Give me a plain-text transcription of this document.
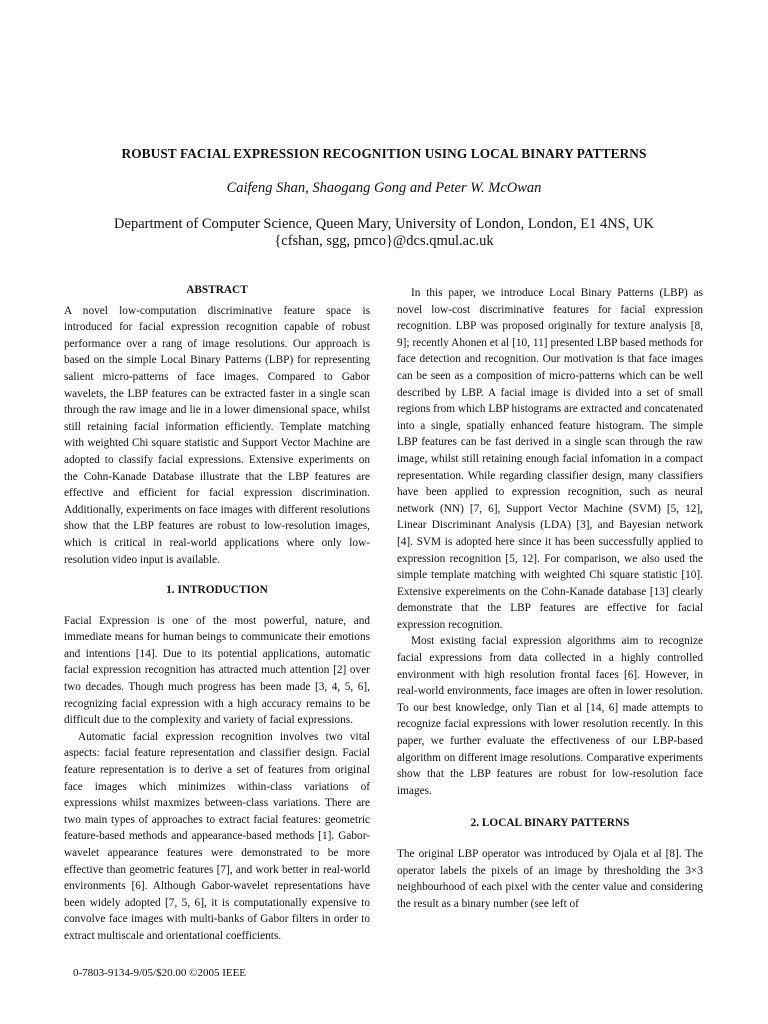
ROBUST FACIAL EXPRESSION RECOGNITION USING LOCAL BINARY PATTERNS
Caifeng Shan, Shaogang Gong and Peter W. McOwan
Department of Computer Science, Queen Mary, University of London, London, E1 4NS, UK
{cfshan, sgg, pmco}@dcs.qmul.ac.uk
ABSTRACT

A novel low-computation discriminative feature space is introduced for facial expression recognition capable of robust performance over a rang of image resolutions. Our approach is based on the simple Local Binary Patterns (LBP) for representing salient micro-patterns of face images. Compared to Gabor wavelets, the LBP features can be extracted faster in a single scan through the raw image and lie in a lower dimensional space, whilst still retaining facial information efficiently. Template matching with weighted Chi square statistic and Support Vector Machine are adopted to classify facial expressions. Extensive experiments on the Cohn-Kanade Database illustrate that the LBP features are effective and efficient for facial expression discrimination. Additionally, experiments on face images with different resolutions show that the LBP features are robust to low-resolution images, which is critical in real-world applications where only low-resolution video input is available.

1. INTRODUCTION

Facial Expression is one of the most powerful, nature, and immediate means for human beings to communicate their emotions and intentions [14]. Due to its potential applications, automatic facial expression recognition has attracted much attention [2] over two decades. Though much progress has been made [3, 4, 5, 6], recognizing facial expression with a high accuracy remains to be difficult due to the complexity and variety of facial expressions.

Automatic facial expression recognition involves two vital aspects: facial feature representation and classifier design. Facial feature representation is to derive a set of features from original face images which minimizes within-class variations of expressions whilst maxmizes between-class variations. There are two main types of approaches to extract facial features: geometric feature-based methods and appearance-based methods [1]. Gabor-wavelet appearance features were demonstrated to be more effective than geometric features [7], and work better in real-world environments [6]. Although Gabor-wavelet representations have been widely adopted [7, 5, 6], it is computationally expensive to convolve face images with multi-banks of Gabor filters in order to extract multiscale and orientational coefficients.

In this paper, we introduce Local Binary Patterns (LBP) as novel low-cost discriminative features for facial expression recognition. LBP was proposed originally for texture analysis [8, 9]; recently Ahonen et al [10, 11] presented LBP based methods for face detection and recognition. Our motivation is that face images can be seen as a composition of micro-patterns which can be well described by LBP. A facial image is divided into a set of small regions from which LBP histograms are extracted and concatenated into a single, spatially enhanced feature histogram. The simple LBP features can be fast derived in a single scan through the raw image, whilst still retaining enough facial infomation in a compact representation. While regarding classifier design, many classifiers have been applied to expression recognition, such as neural network (NN) [7, 6], Support Vector Machine (SVM) [5, 12], Linear Discriminant Analysis (LDA) [3], and Bayesian network [4]. SVM is adopted here since it has been successfully applied to expression recognition [5, 12]. For comparison, we also used the simple template matching with weighted Chi square statistic [10]. Extensive expereiments on the Cohn-Kanade database [13] clearly demonstrate that the LBP features are effective for facial expression recognition.

Most existing facial expression algorithms aim to recognize facial expressions from data collected in a highly controlled environment with high resolution frontal faces [6]. However, in real-world environments, face images are often in lower resolution. To our best knowledge, only Tian et al [14, 6] made attempts to recognize facial expressions with lower resolution recently. In this paper, we further evaluate the effectiveness of our LBP-based algorithm on different image resolutions. Comparative experiments show that the LBP features are robust for low-resolution face images.

2. LOCAL BINARY PATTERNS

The original LBP operator was introduced by Ojala et al [8]. The operator labels the pixels of an image by thresholding the 3×3 neighbourhood of each pixel with the center value and considering the result as a binary number (see left of

0-7803-9134-9/05/$20.00 ©2005 IEEE
